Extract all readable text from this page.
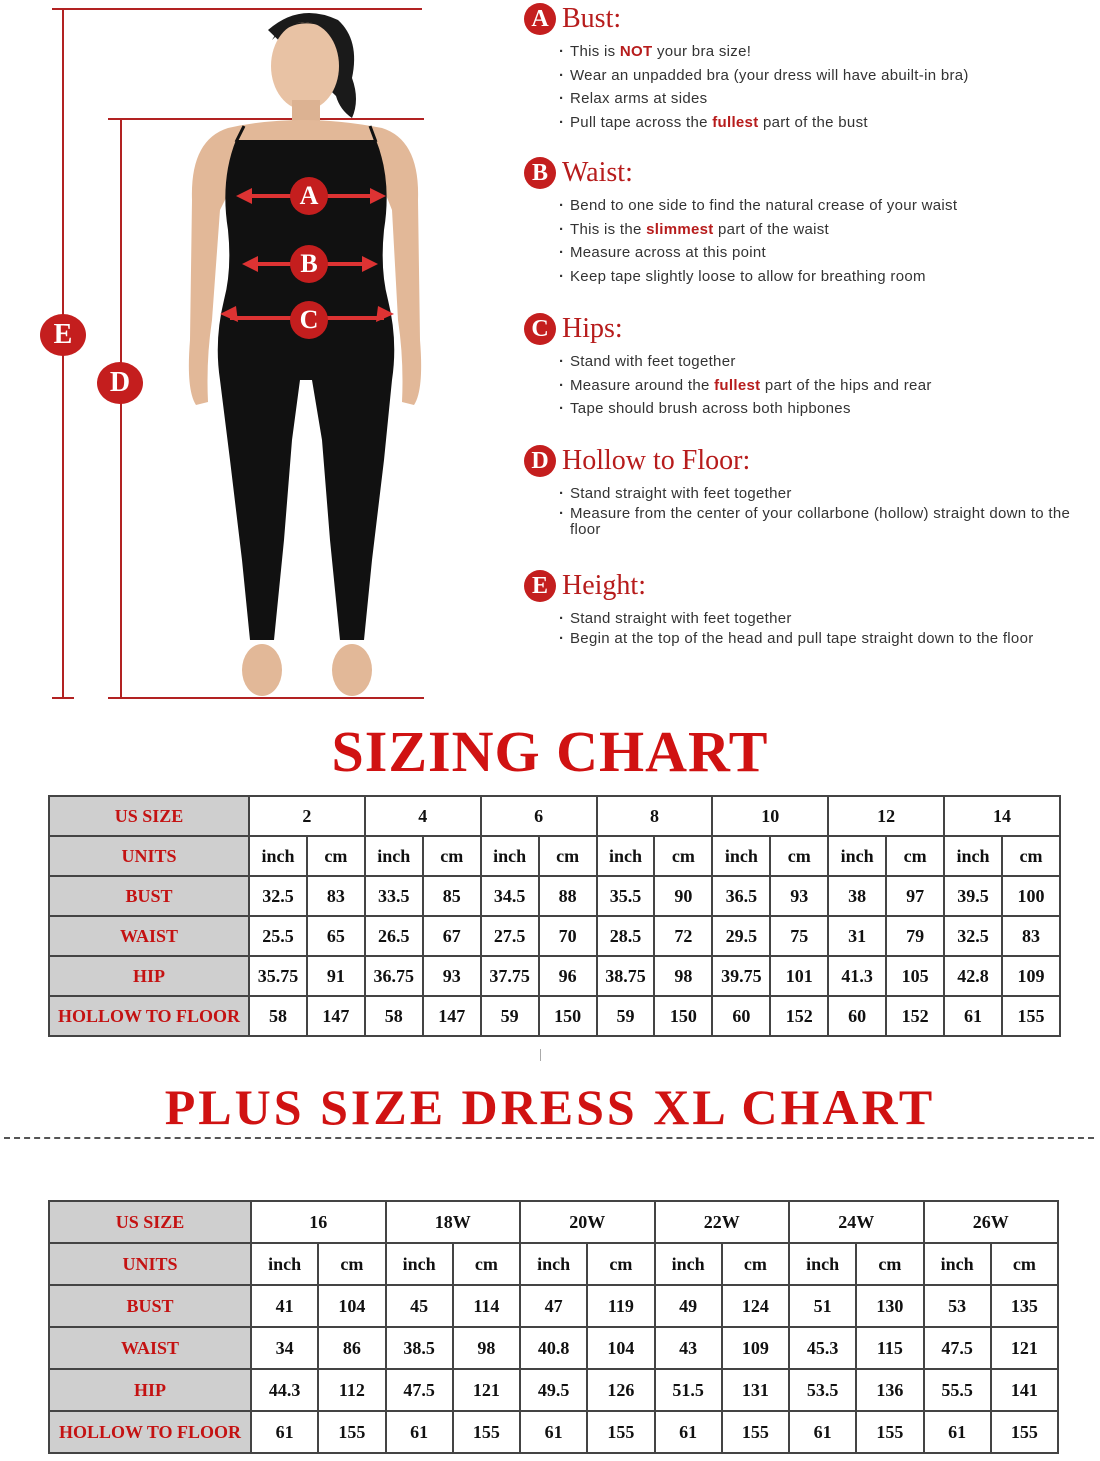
A
B
C
D
E
A Bust:
· This is NOT your bra size!
· Wear an unpadded bra (your dress will have abuilt-in bra)
· Relax arms at sides
· Pull tape across the fullest part of the bust
B Waist:
· Bend to one side to find the natural crease of your waist
· This is the slimmest part of the waist
· Measure across at this point
· Keep tape slightly loose to allow for breathing room
C Hips:
· Stand with feet together
· Measure around the fullest part of the hips and rear
· Tape should brush across both hipbones
D Hollow to Floor:
· Stand straight with feet together
· Measure from the center of your collarbone (hollow) straight down to the floor
E Height:
· Stand straight with feet together
· Begin at the top of the head and pull tape straight down to the floor
SIZING CHART
US SIZE	2		4		6		8		10		12		14	
UNITS	inch	cm	inch	cm	inch	cm	inch	cm	inch	cm	inch	cm	inch	cm
BUST	32.5	83	33.5	85	34.5	88	35.5	90	36.5	93	38	97	39.5	100
WAIST	25.5	65	26.5	67	27.5	70	28.5	72	29.5	75	31	79	32.5	83
HIP	35.75	91	36.75	93	37.75	96	38.75	98	39.75	101	41.3	105	42.8	109
HOLLOW TO FLOOR	58	147	58	147	59	150	59	150	60	152	60	152	61	155
PLUS SIZE DRESS XL CHART
US SIZE	16		18W		20W		22W		24W		26W	
UNITS	inch	cm	inch	cm	inch	cm	inch	cm	inch	cm	inch	cm
BUST	41	104	45	114	47	119	49	124	51	130	53	135
WAIST	34	86	38.5	98	40.8	104	43	109	45.3	115	47.5	121
HIP	44.3	112	47.5	121	49.5	126	51.5	131	53.5	136	55.5	141
HOLLOW TO FLOOR	61	155	61	155	61	155	61	155	61	155	61	155
